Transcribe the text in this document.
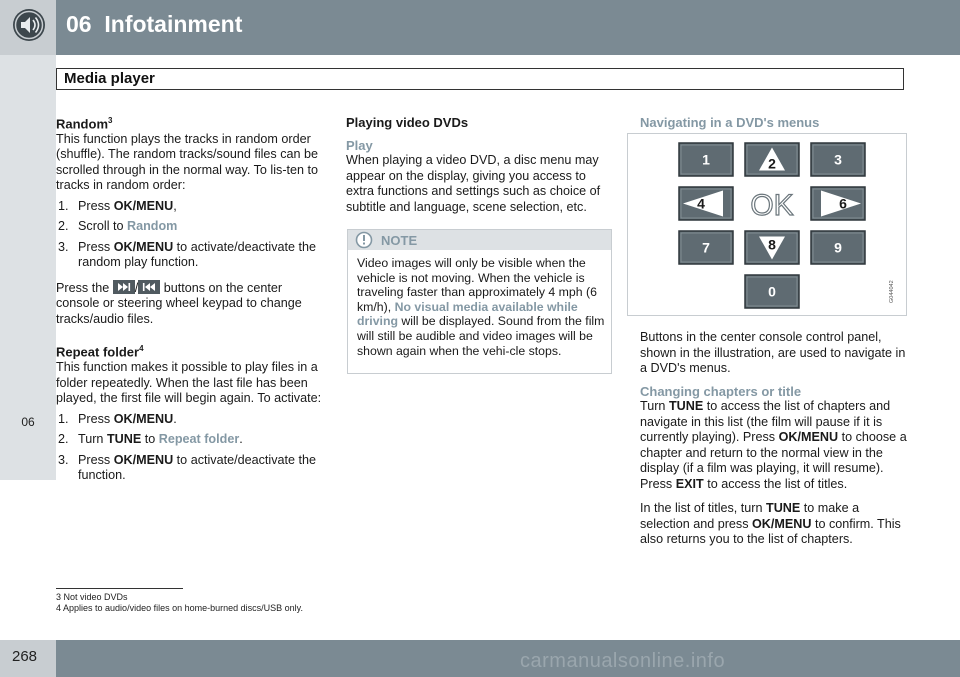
06 Infotainment
Media player
06
Random$^3$

This function plays the tracks in random order (shuffle). The random tracks/sound files can be scrolled through in the normal way. To lis-ten to tracks in random order:

1. Press OK/MENU,
2. Scroll to Random
3. Press OK/MENU to activate/deactivate the random play function.

Press the / buttons on the center console or steering wheel keypad to change tracks/audio files.

Repeat folder$^4$

This function makes it possible to play files in a folder repeatedly. When the last file has been played, the first file will begin again. To activate:

1. Press OK/MENU.
2. Turn TUNE to Repeat folder.
3. Press OK/MENU to activate/deactivate the function.
Playing video DVDs

Play

When playing a video DVD, a disc menu may appear on the display, giving you access to extra functions and settings such as choice of subtitle and language, scene selection, etc.

NOTE
Video images will only be visible when the vehicle is not moving. When the vehicle is traveling faster than approximately 4 mph (6 km/h), No visual media available while driving will be displayed. Sound from the film will still be audible and video images will be shown again when the vehi-cle stops.
Navigating in a DVD's menus
1	2	3
4 OK	6
7	8	9
0	G044042

Buttons in the center console control panel, shown in the illustration, are used to navigate in a DVD's menus.

Changing chapters or title

Turn TUNE to access the list of chapters and navigate in this list (the film will pause if it is currently playing). Press OK/MENU to choose a chapter and return to the normal view in the display (if a film was playing, it will resume). Press EXIT to access the list of titles.

In the list of titles, turn TUNE to make a selection and press OK/MENU to confirm. This also returns you to the list of chapters.

3 Not video DVDs
4 Applies to audio/video files on home-burned discs/USB only.
268	carmanualsonline.info
